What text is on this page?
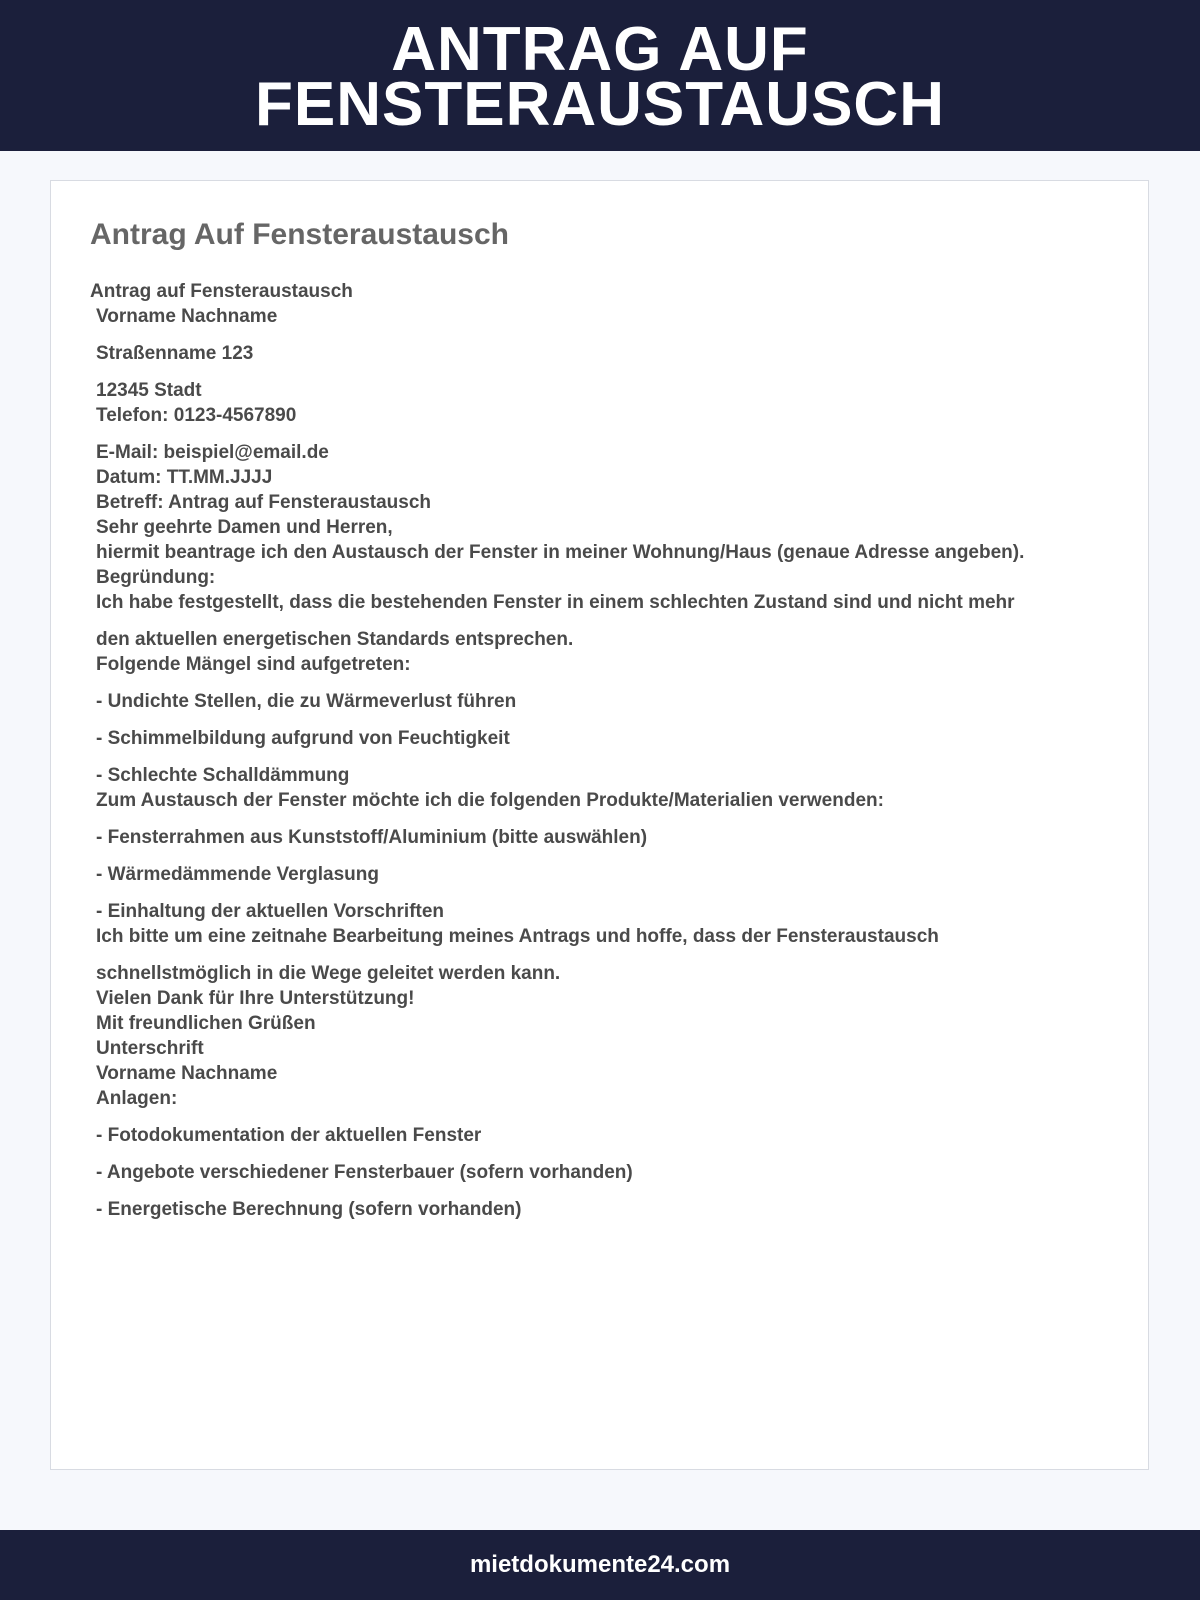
ANTRAG AUF
FENSTERAUSTAUSCH
Antrag Auf Fensteraustausch

Antrag auf Fensteraustausch

Vorname Nachname
Straßenname 123
12345 Stadt
Telefon: 0123-4567890
E-Mail: beispiel@email.de
Datum: TT.MM.JJJJ
Betreff: Antrag auf Fensteraustausch
Sehr geehrte Damen und Herren,
hiermit beantrage ich den Austausch der Fenster in meiner Wohnung/Haus (genaue Adresse angeben).
Begründung:
Ich habe festgestellt, dass die bestehenden Fenster in einem schlechten Zustand sind und nicht mehr
den aktuellen energetischen Standards entsprechen.
Folgende Mängel sind aufgetreten:
- Undichte Stellen, die zu Wärmeverlust führen
- Schimmelbildung aufgrund von Feuchtigkeit
- Schlechte Schalldämmung
Zum Austausch der Fenster möchte ich die folgenden Produkte/Materialien verwenden:
- Fensterrahmen aus Kunststoff/Aluminium (bitte auswählen)
- Wärmedämmende Verglasung
- Einhaltung der aktuellen Vorschriften
Ich bitte um eine zeitnahe Bearbeitung meines Antrags und hoffe, dass der Fensteraustausch
schnellstmöglich in die Wege geleitet werden kann.
Vielen Dank für Ihre Unterstützung!
Mit freundlichen Grüßen
Unterschrift
Vorname Nachname
Anlagen:
- Fotodokumentation der aktuellen Fenster
- Angebote verschiedener Fensterbauer (sofern vorhanden)
- Energetische Berechnung (sofern vorhanden)
mietdokumente24.com
